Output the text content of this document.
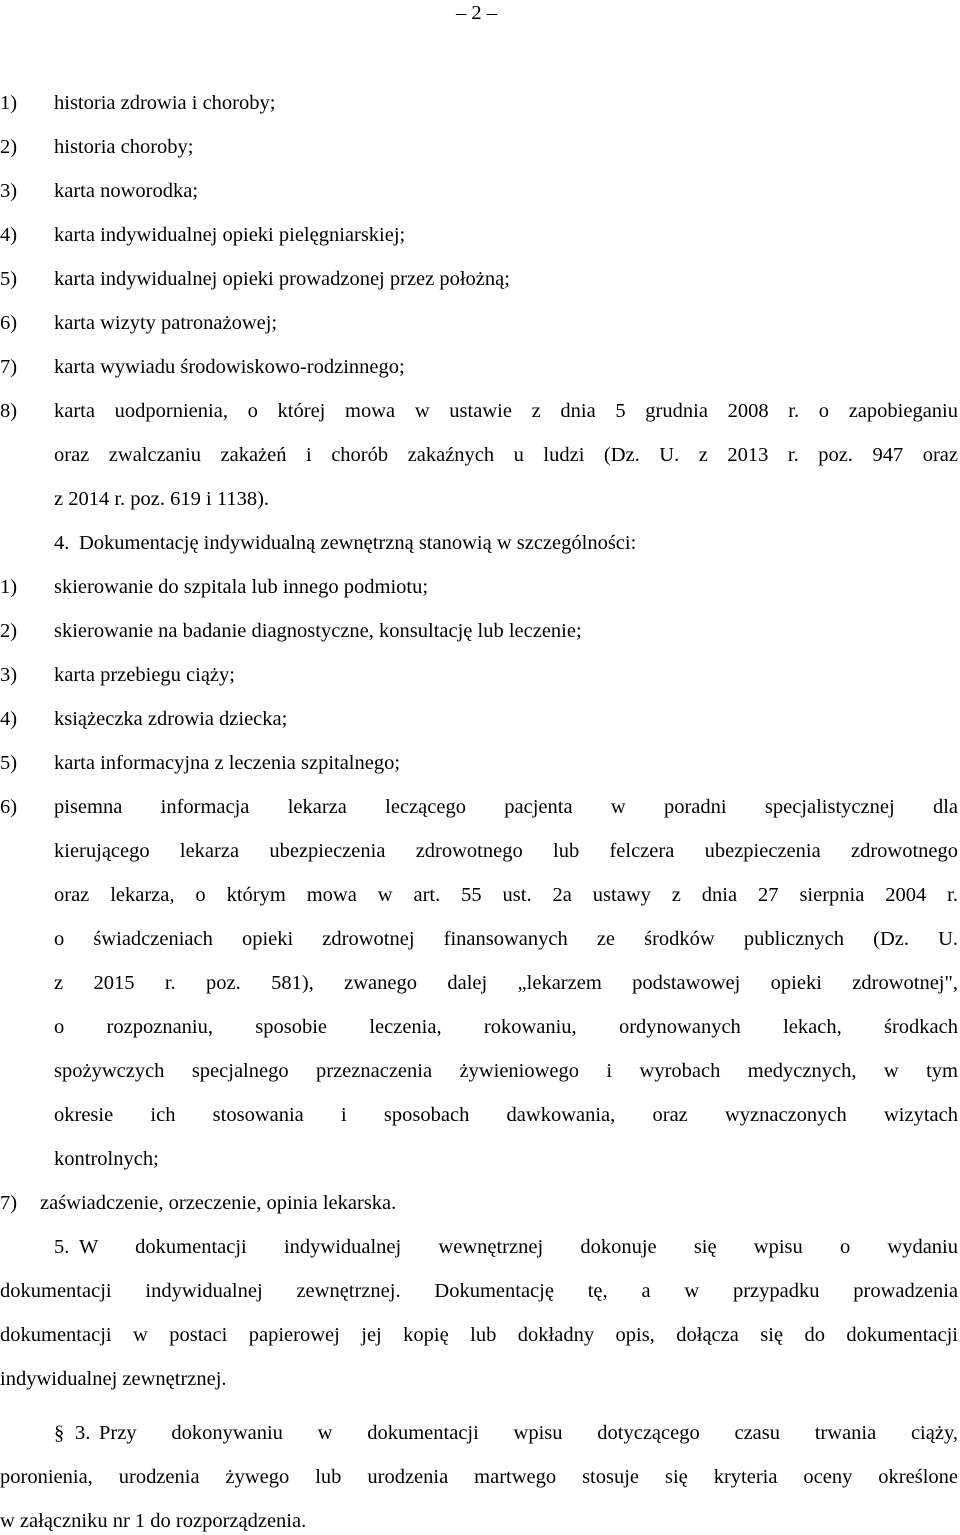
– 2 –
1) historia zdrowia i choroby;
2) historia choroby;
3) karta noworodka;
4) karta indywidualnej opieki pielęgniarskiej;
5) karta indywidualnej opieki prowadzonej przez położną;
6) karta wizyty patronażowej;
7) karta wywiadu środowiskowo-rodzinnego;
8) karta uodpornienia, o której mowa w ustawie z dnia 5 grudnia 2008 r. o zapobieganiu
oraz zwalczaniu zakażeń i chorób zakaźnych u ludzi (Dz. U. z 2013 r. poz. 947 oraz
z 2014 r. poz. 619 i 1138).
4. Dokumentację indywidualną zewnętrzną stanowią w szczególności:
1) skierowanie do szpitala lub innego podmiotu;
2) skierowanie na badanie diagnostyczne, konsultację lub leczenie;
3) karta przebiegu ciąży;
4) książeczka zdrowia dziecka;
5) karta informacyjna z leczenia szpitalnego;
6) pisemna informacja lekarza leczącego pacjenta w poradni specjalistycznej dla
kierującego lekarza ubezpieczenia zdrowotnego lub felczera ubezpieczenia zdrowotnego
oraz lekarza, o którym mowa w art. 55 ust. 2a ustawy z dnia 27 sierpnia 2004 r.
o świadczeniach opieki zdrowotnej finansowanych ze środków publicznych (Dz. U.
z 2015 r. poz. 581), zwanego dalej „lekarzem podstawowej opieki zdrowotnej",
o rozpoznaniu, sposobie leczenia, rokowaniu, ordynowanych lekach, środkach
spożywczych specjalnego przeznaczenia żywieniowego i wyrobach medycznych, w tym
okresie ich stosowania i sposobach dawkowania, oraz wyznaczonych wizytach
kontrolnych;
7) zaświadczenie, orzeczenie, opinia lekarska.
5. W dokumentacji indywidualnej wewnętrznej dokonuje się wpisu o wydaniu
dokumentacji indywidualnej zewnętrznej. Dokumentację tę, a w przypadku prowadzenia
dokumentacji w postaci papierowej jej kopię lub dokładny opis, dołącza się do dokumentacji
indywidualnej zewnętrznej.
§ 3. Przy dokonywaniu w dokumentacji wpisu dotyczącego czasu trwania ciąży,
poronienia, urodzenia żywego lub urodzenia martwego stosuje się kryteria oceny określone
w załączniku nr 1 do rozporządzenia.
